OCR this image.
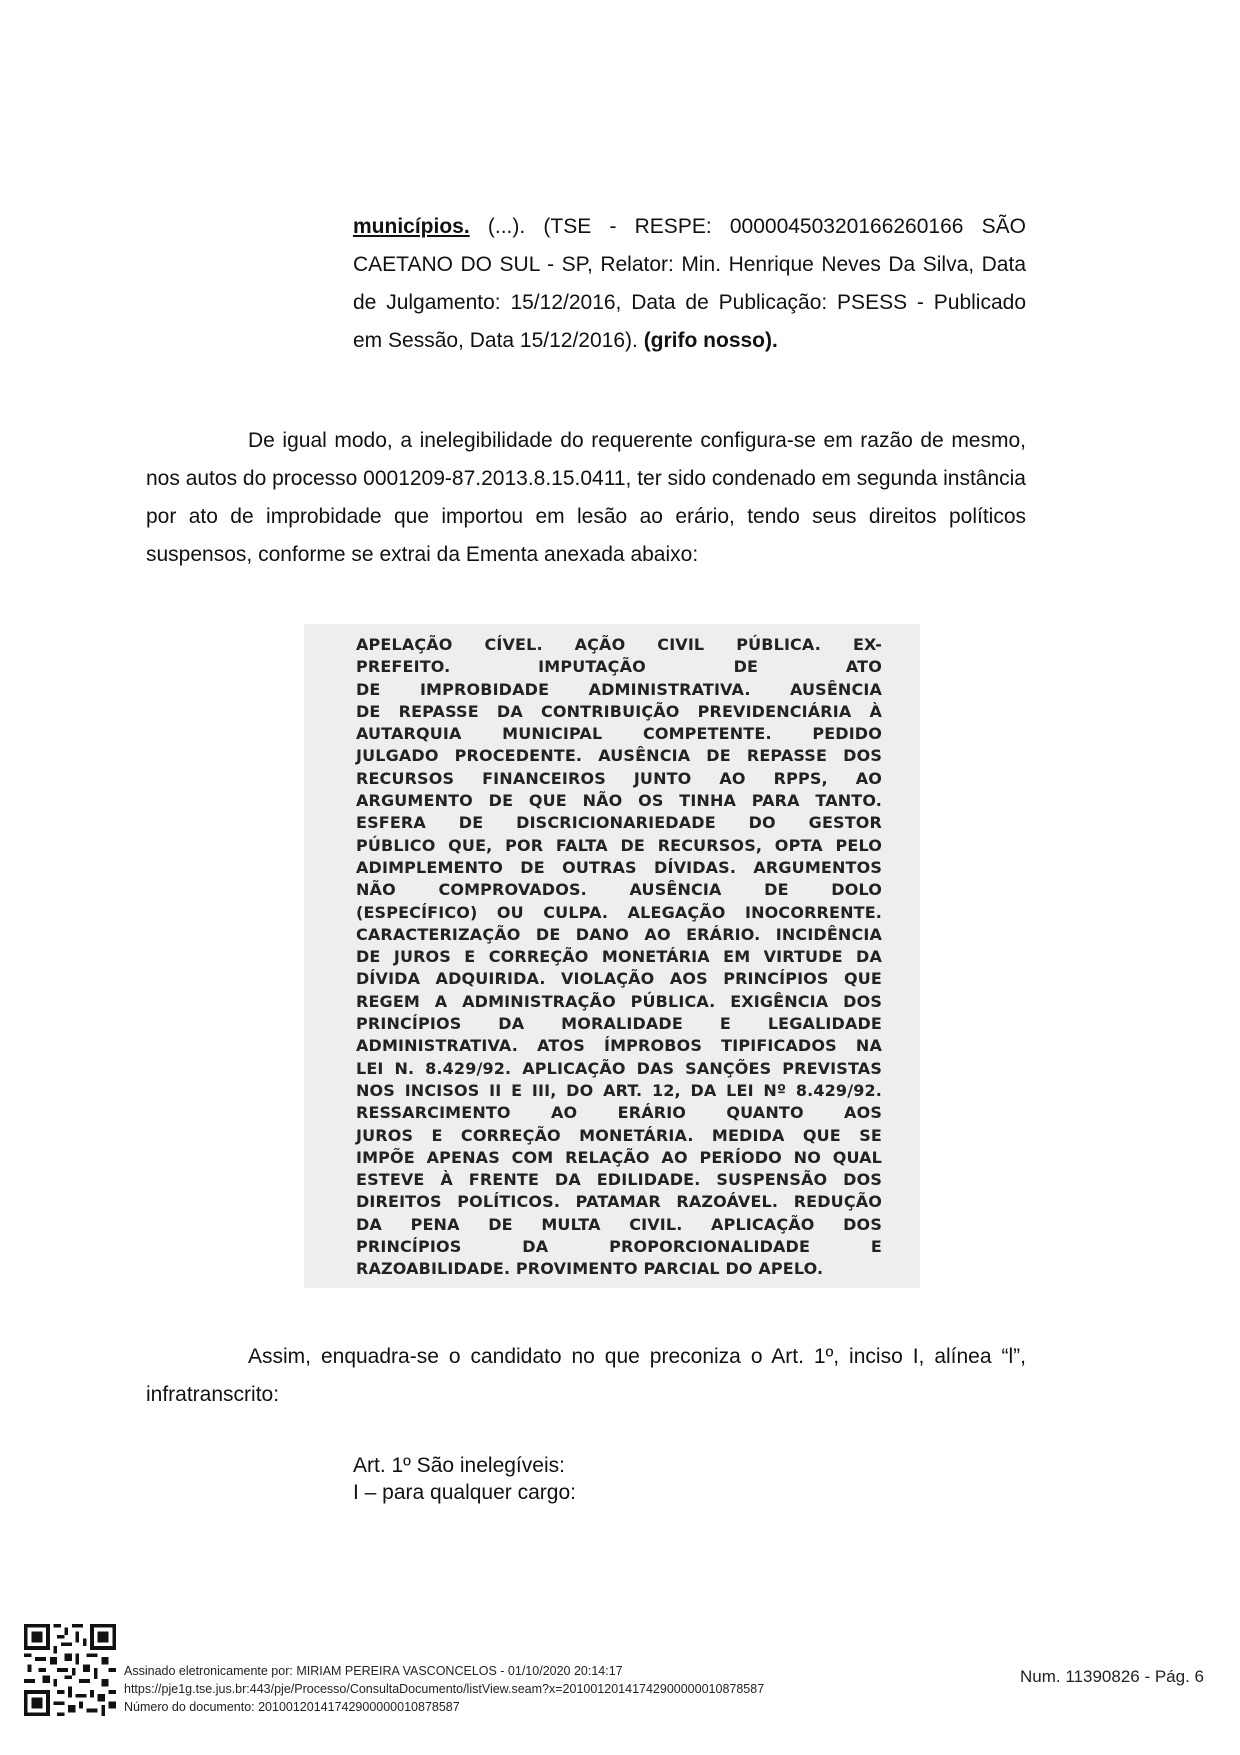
municípios. (...). (TSE - RESPE: 00000450320166260166 SÃO CAETANO DO SUL - SP, Relator: Min. Henrique Neves Da Silva, Data de Julgamento: 15/12/2016, Data de Publicação: PSESS - Publicado em Sessão, Data 15/12/2016). (grifo nosso).
De igual modo, a inelegibilidade do requerente configura-se em razão de mesmo, nos autos do processo 0001209-87.2013.8.15.0411, ter sido condenado em segunda instância por ato de improbidade que importou em lesão ao erário, tendo seus direitos políticos suspensos, conforme se extrai da Ementa anexada abaixo:
APELAÇÃO CÍVEL. AÇÃO CIVIL PÚBLICA. EX-
PREFEITO. IMPUTAÇÃO DE ATO
DE IMPROBIDADE ADMINISTRATIVA. AUSÊNCIA
DE REPASSE DA CONTRIBUIÇÃO PREVIDENCIÁRIA À
AUTARQUIA MUNICIPAL COMPETENTE. PEDIDO
JULGADO PROCEDENTE. AUSÊNCIA DE REPASSE DOS
RECURSOS FINANCEIROS JUNTO AO RPPS, AO
ARGUMENTO DE QUE NÃO OS TINHA PARA TANTO.
ESFERA DE DISCRICIONARIEDADE DO GESTOR
PÚBLICO QUE, POR FALTA DE RECURSOS, OPTA PELO
ADIMPLEMENTO DE OUTRAS DÍVIDAS. ARGUMENTOS
NÃO COMPROVADOS. AUSÊNCIA DE DOLO
(ESPECÍFICO) OU CULPA. ALEGAÇÃO INOCORRENTE.
CARACTERIZAÇÃO DE DANO AO ERÁRIO. INCIDÊNCIA
DE JUROS E CORREÇÃO MONETÁRIA EM VIRTUDE DA
DÍVIDA ADQUIRIDA. VIOLAÇÃO AOS PRINCÍPIOS QUE
REGEM A ADMINISTRAÇÃO PÚBLICA. EXIGÊNCIA DOS
PRINCÍPIOS DA MORALIDADE E LEGALIDADE
ADMINISTRATIVA. ATOS ÍMPROBOS TIPIFICADOS NA
LEI N. 8.429/92. APLICAÇÃO DAS SANÇÕES PREVISTAS
NOS INCISOS II E III, DO ART. 12, DA LEI Nº 8.429/92.
RESSARCIMENTO AO ERÁRIO QUANTO AOS
JUROS E CORREÇÃO MONETÁRIA. MEDIDA QUE SE
IMPÕE APENAS COM RELAÇÃO AO PERÍODO NO QUAL
ESTEVE À FRENTE DA EDILIDADE. SUSPENSÃO DOS
DIREITOS POLÍTICOS. PATAMAR RAZOÁVEL. REDUÇÃO
DA PENA DE MULTA CIVIL. APLICAÇÃO DOS
PRINCÍPIOS DA PROPORCIONALIDADE E
RAZOABILIDADE. PROVIMENTO PARCIAL DO APELO.
Assim, enquadra-se o candidato no que preconiza o Art. 1º, inciso I, alínea “l”, infratranscrito:
Art. 1º São inelegíveis:
I – para qualquer cargo:
Assinado eletronicamente por: MIRIAM PEREIRA VASCONCELOS - 01/10/2020 20:14:17
https://pje1g.tse.jus.br:443/pje/Processo/ConsultaDocumento/listView.seam?x=20100120141742900000010878587
Número do documento: 20100120141742900000010878587
Num. 11390826 - Pág. 6
